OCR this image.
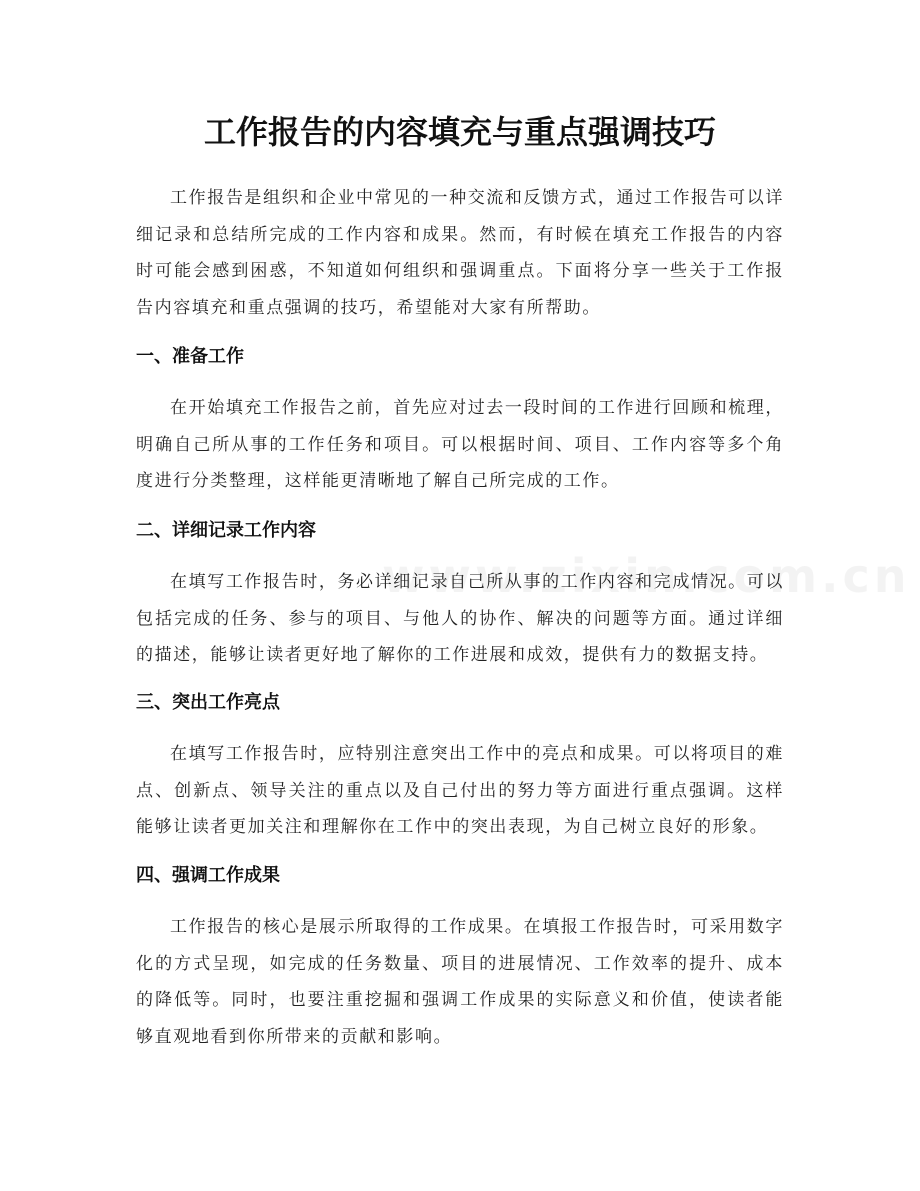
工作报告的内容填充与重点强调技巧

工作报告是组织和企业中常见的一种交流和反馈方式，通过工作报告可以详细记录和总结所完成的工作内容和成果。然而，有时候在填充工作报告的内容时可能会感到困惑，不知道如何组织和强调重点。下面将分享一些关于工作报告内容填充和重点强调的技巧，希望能对大家有所帮助。

一、准备工作

在开始填充工作报告之前，首先应对过去一段时间的工作进行回顾和梳理，明确自己所从事的工作任务和项目。可以根据时间、项目、工作内容等多个角度进行分类整理，这样能更清晰地了解自己所完成的工作。

二、详细记录工作内容

在填写工作报告时，务必详细记录自己所从事的工作内容和完成情况。可以包括完成的任务、参与的项目、与他人的协作、解决的问题等方面。通过详细的描述，能够让读者更好地了解你的工作进展和成效，提供有力的数据支持。

三、突出工作亮点

在填写工作报告时，应特别注意突出工作中的亮点和成果。可以将项目的难点、创新点、领导关注的重点以及自己付出的努力等方面进行重点强调。这样能够让读者更加关注和理解你在工作中的突出表现，为自己树立良好的形象。

四、强调工作成果

工作报告的核心是展示所取得的工作成果。在填报工作报告时，可采用数字化的方式呈现，如完成的任务数量、项目的进展情况、工作效率的提升、成本的降低等。同时，也要注重挖掘和强调工作成果的实际意义和价值，使读者能够直观地看到你所带来的贡献和影响。
